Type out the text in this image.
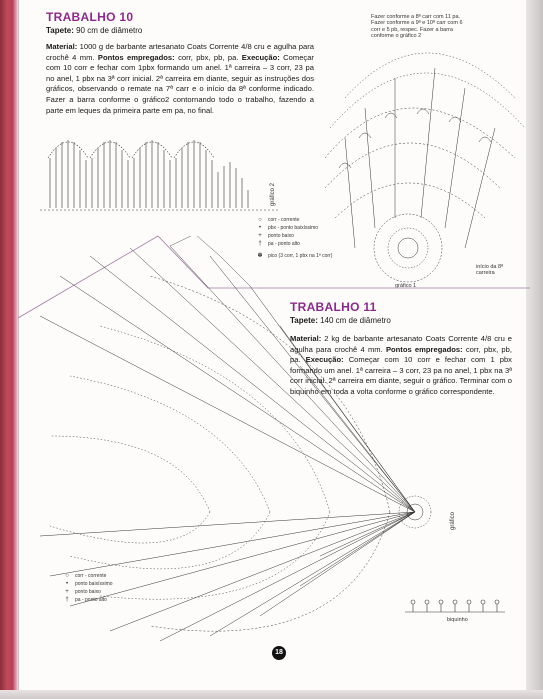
TRABALHO 10
Tapete: 90 cm de diâmetro
Material: 1000 g de barbante artesanato Coats Corrente 4/8 cru e agulha para crochê 4 mm. Pontos empregados: corr, pbx, pb, pa. Execução: Começar com 10 corr e fechar com 1pbx formando um anel. 1ª carreira – 3 corr, 23 pa no anel, 1 pbx na 3ª corr inicial. 2ª carreira em diante, seguir as instruções dos gráficos, observando o remate na 7ª carr e o início da 8ª conforme indicado. Fazer a barra conforme o gráfico2 contornando todo o trabalho, fazendo a parte em leques da primeira parte em pa, no final.
Fazer conforme a 8ª carr com 11 pa. Fazer conforme a 9ª e 10ª carr com 6 corr e 5 pb, respec. Fazer a barra conforme o gráfico 2
gráfico 2
gráfico 1
início da 8ª carreira
○	corr - corrente
•	pbx - ponto baixíssimo
+	ponto baixo
†	pa - ponto alto
✽	pico (3 corr, 1 pbx na 1ª corr)
TRABALHO 11
Tapete: 140 cm de diâmetro
Material: 2 kg de barbante artesanato Coats Corrente 4/8 cru e agulha para crochê 4 mm. Pontos empregados: corr, pbx, pb, pa. Execução: Começar com 10 corr e fechar com 1 pbx formando um anel. 1ª carreira – 3 corr, 23 pa no anel, 1 pbx na 3ª corr inicial. 2ª carreira em diante, seguir o gráfico. Terminar com o biquinho em toda a volta conforme o gráfico correspondente.
gráfico
biquinho
○	corr - corrente
•	ponto baixíssimo
+	ponto baixo
†	pa - ponto alto
18
